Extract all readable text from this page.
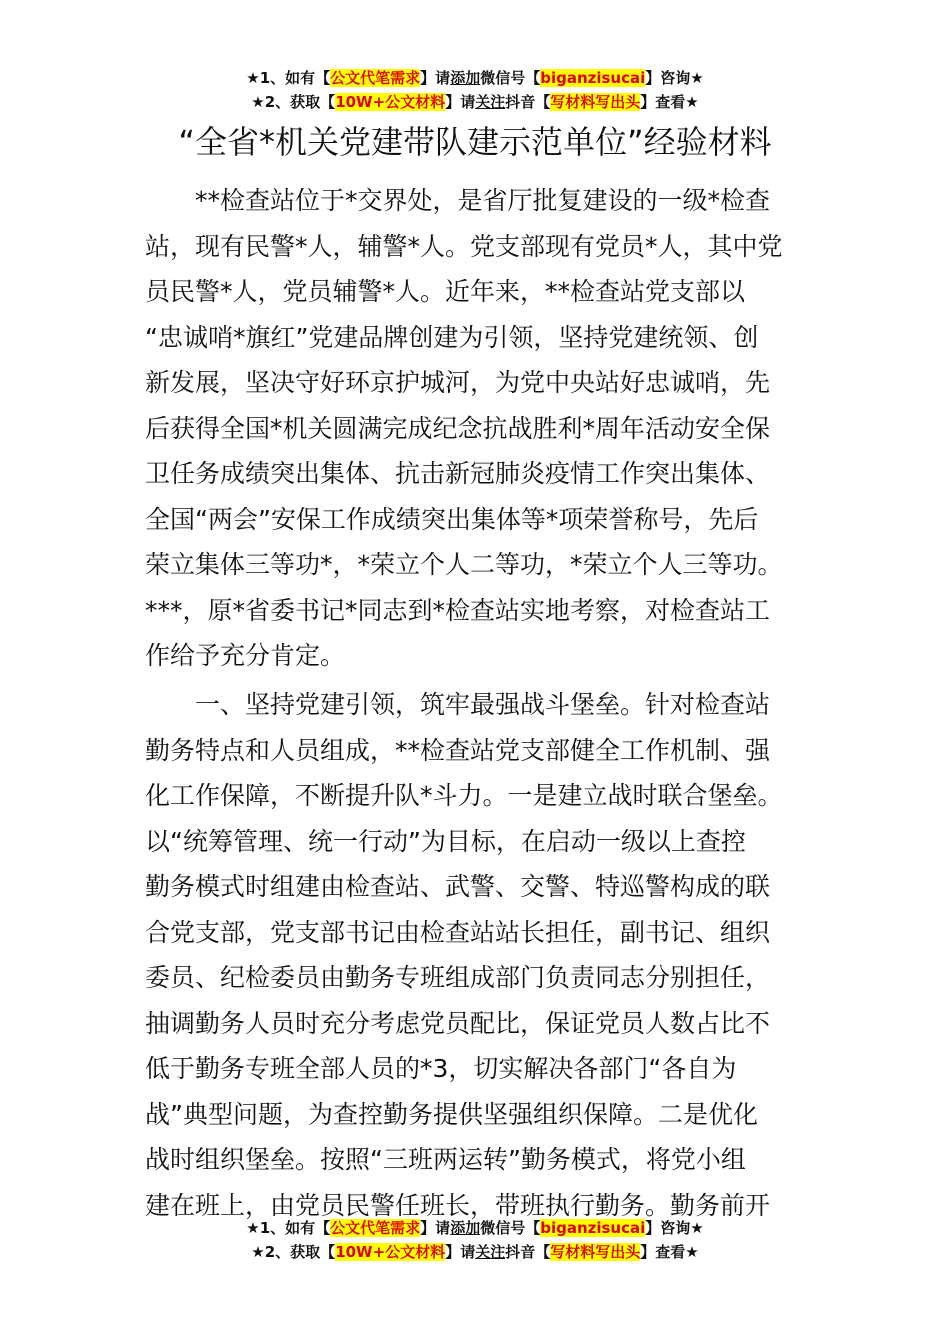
★1、如有【公文代笔需求】请添加微信号【biganzisucai】咨询★
★2、获取【10W+公文材料】请关注抖音【写材料写出头】查看★
“全省*机关党建带队建示范单位”经验材料
　　**检查站位于*交界处，是省厅批复建设的一级*检查
站，现有民警*人，辅警*人。党支部现有党员*人，其中党
员民警*人，党员辅警*人。近年来，**检查站党支部以
“忠诚哨*旗红”党建品牌创建为引领，坚持党建统领、创
新发展，坚决守好环京护城河，为党中央站好忠诚哨，先
后获得全国*机关圆满完成纪念抗战胜利*周年活动安全保
卫任务成绩突出集体、抗击新冠肺炎疫情工作突出集体、
全国“两会”安保工作成绩突出集体等*项荣誉称号，先后
荣立集体三等功*，*荣立个人二等功，*荣立个人三等功。
***，原*省委书记*同志到*检查站实地考察，对检查站工
作给予充分肯定。
　　一、坚持党建引领，筑牢最强战斗堡垒。针对检查站
勤务特点和人员组成，**检查站党支部健全工作机制、强
化工作保障，不断提升队*斗力。一是建立战时联合堡垒。
以“统筹管理、统一行动”为目标，在启动一级以上查控
勤务模式时组建由检查站、武警、交警、特巡警构成的联
合党支部，党支部书记由检查站站长担任，副书记、组织
委员、纪检委员由勤务专班组成部门负责同志分别担任，
抽调勤务人员时充分考虑党员配比，保证党员人数占比不
低于勤务专班全部人员的*3，切实解决各部门“各自为
战”典型问题，为查控勤务提供坚强组织保障。二是优化
战时组织堡垒。按照“三班两运转”勤务模式，将党小组
建在班上，由党员民警任班长，带班执行勤务。勤务前开
★1、如有【公文代笔需求】请添加微信号【biganzisucai】咨询★
★2、获取【10W+公文材料】请关注抖音【写材料写出头】查看★
